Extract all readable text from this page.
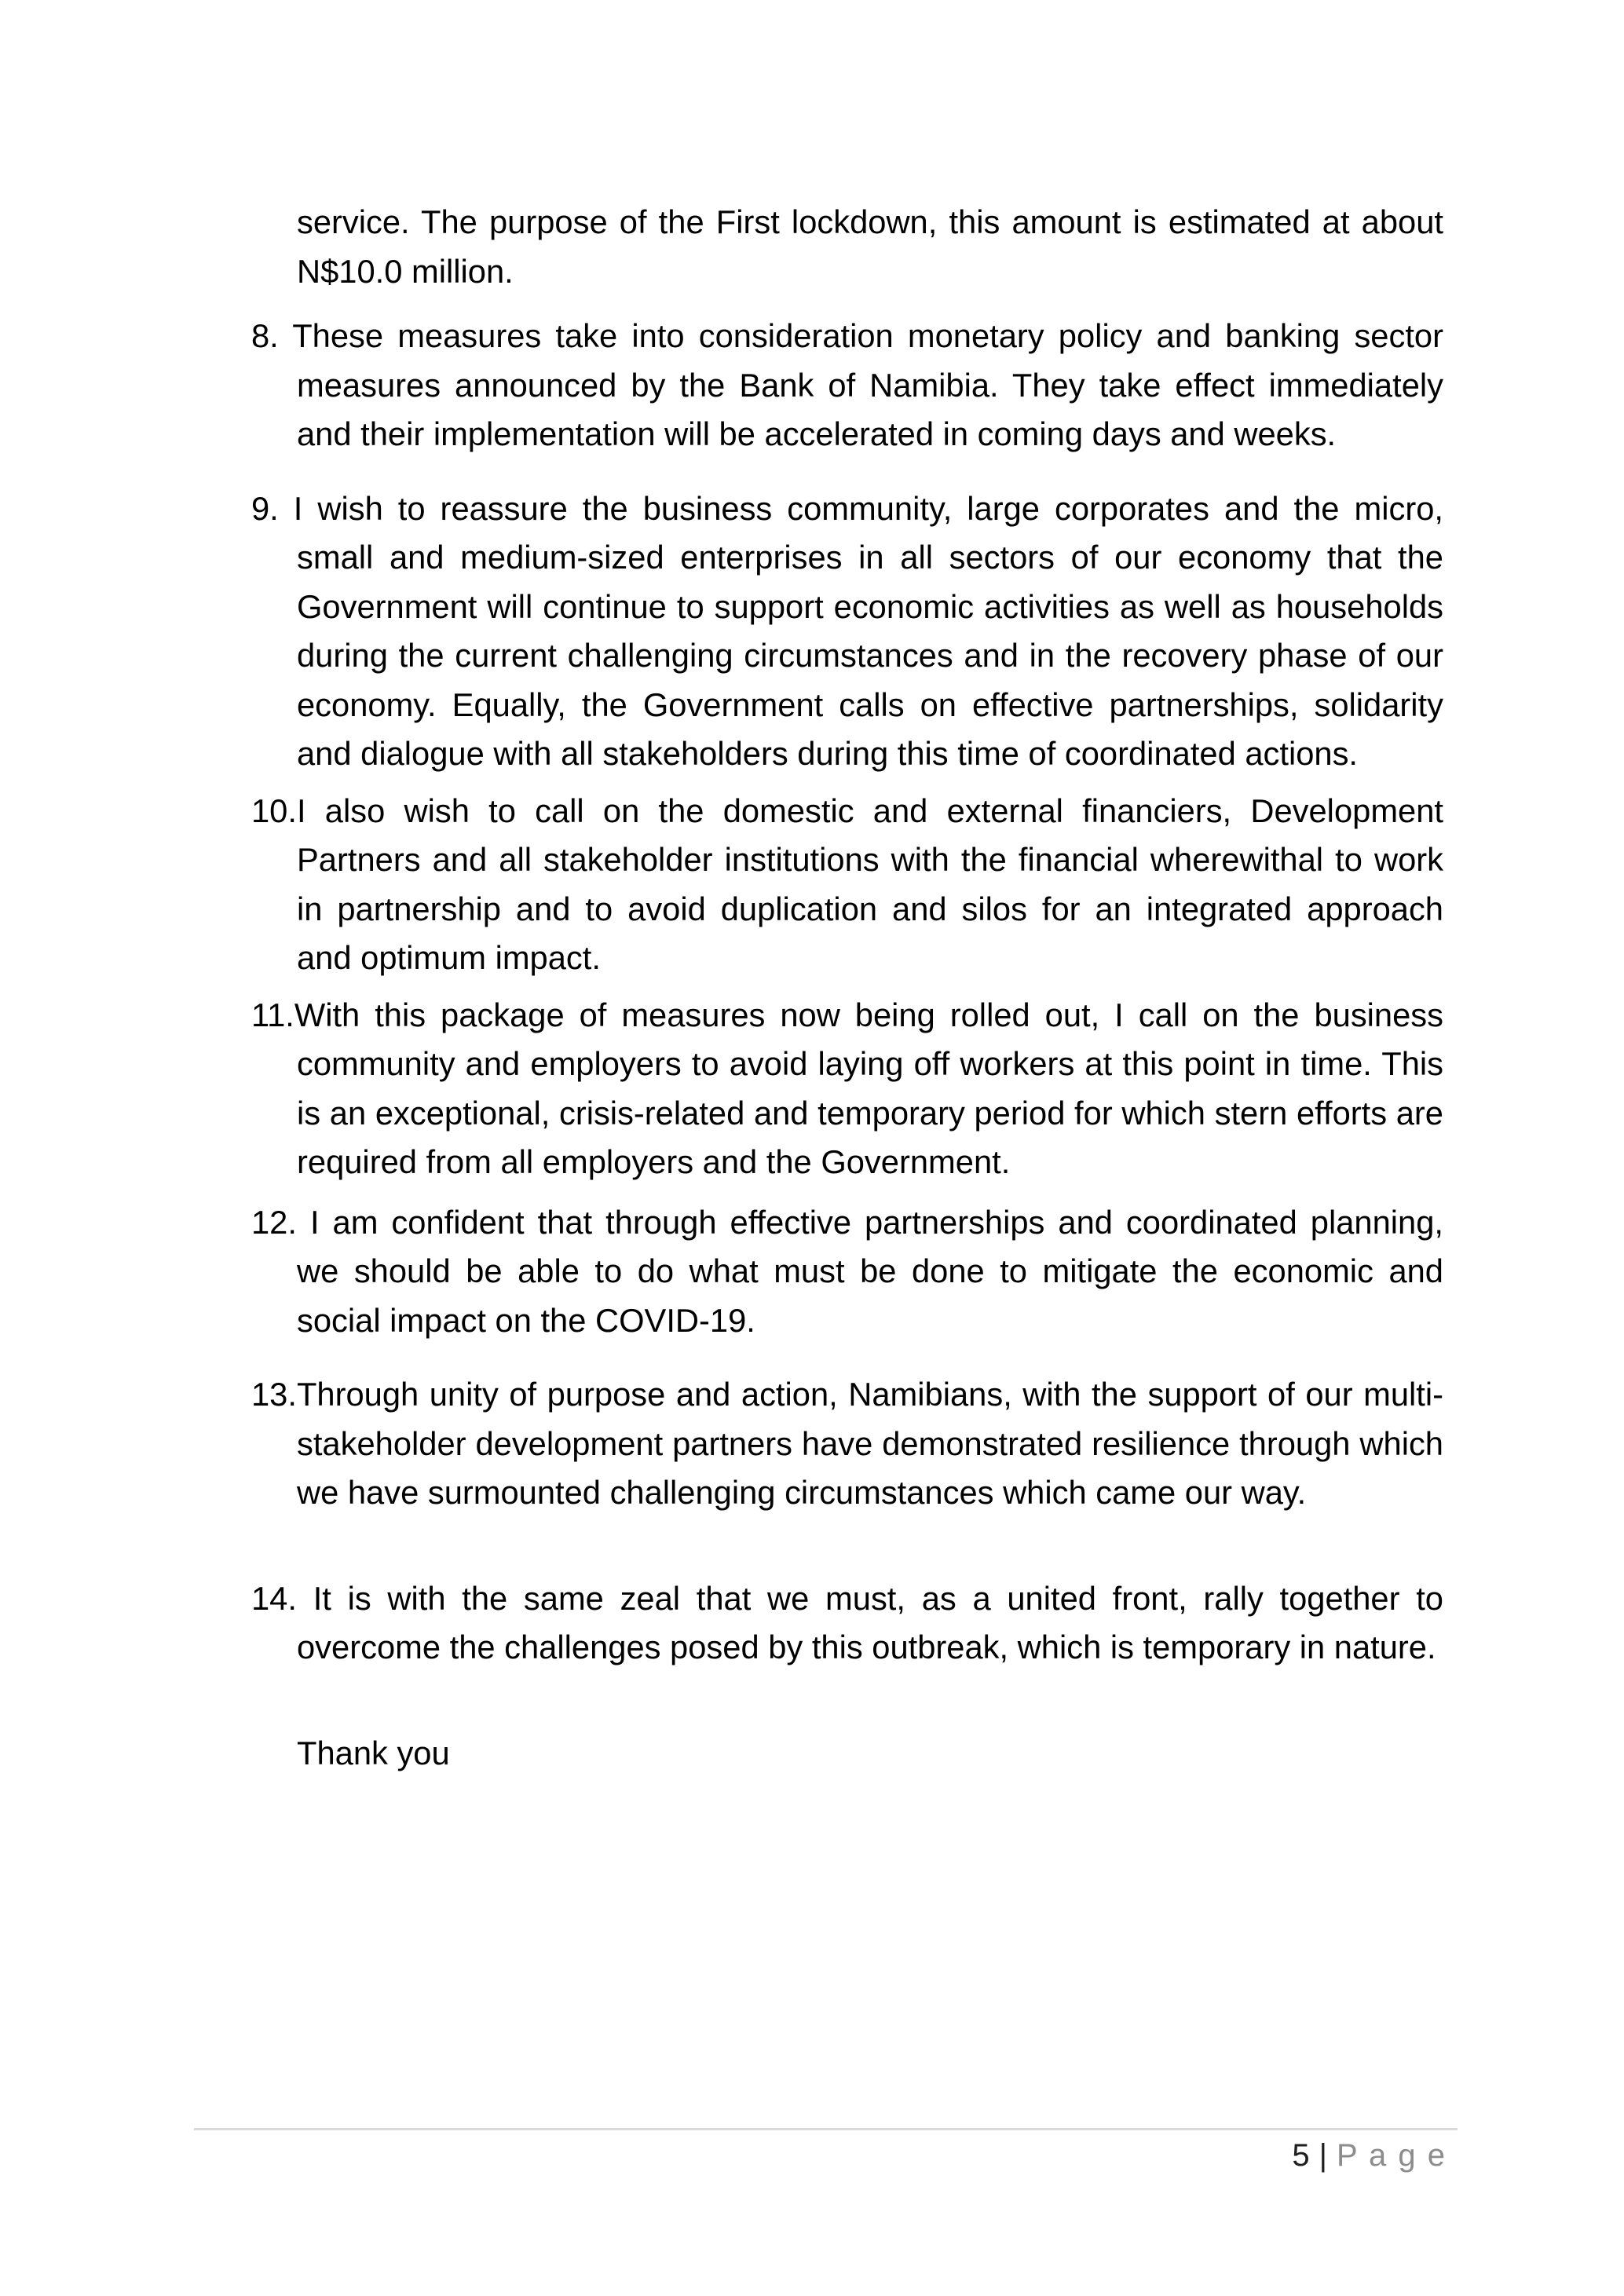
service. The purpose of the First lockdown, this amount is estimated at about N$10.0 million.

8. These measures take into consideration monetary policy and banking sector measures announced by the Bank of Namibia. They take effect immediately and their implementation will be accelerated in coming days and weeks.

9. I wish to reassure the business community, large corporates and the micro, small and medium-sized enterprises in all sectors of our economy that the Government will continue to support economic activities as well as households during the current challenging circumstances and in the recovery phase of our economy. Equally, the Government calls on effective partnerships, solidarity and dialogue with all stakeholders during this time of coordinated actions.

10.I also wish to call on the domestic and external financiers, Development Partners and all stakeholder institutions with the financial wherewithal to work in partnership and to avoid duplication and silos for an integrated approach and optimum impact.

11.With this package of measures now being rolled out, I call on the business community and employers to avoid laying off workers at this point in time. This is an exceptional, crisis-related and temporary period for which stern efforts are required from all employers and the Government.

12. I am confident that through effective partnerships and coordinated planning, we should be able to do what must be done to mitigate the economic and social impact on the COVID-19.

13.Through unity of purpose and action, Namibians, with the support of our multi-stakeholder development partners have demonstrated resilience through which we have surmounted challenging circumstances which came our way.

14. It is with the same zeal that we must, as a united front, rally together to overcome the challenges posed by this outbreak, which is temporary in nature.

Thank you

5 | P a g e
